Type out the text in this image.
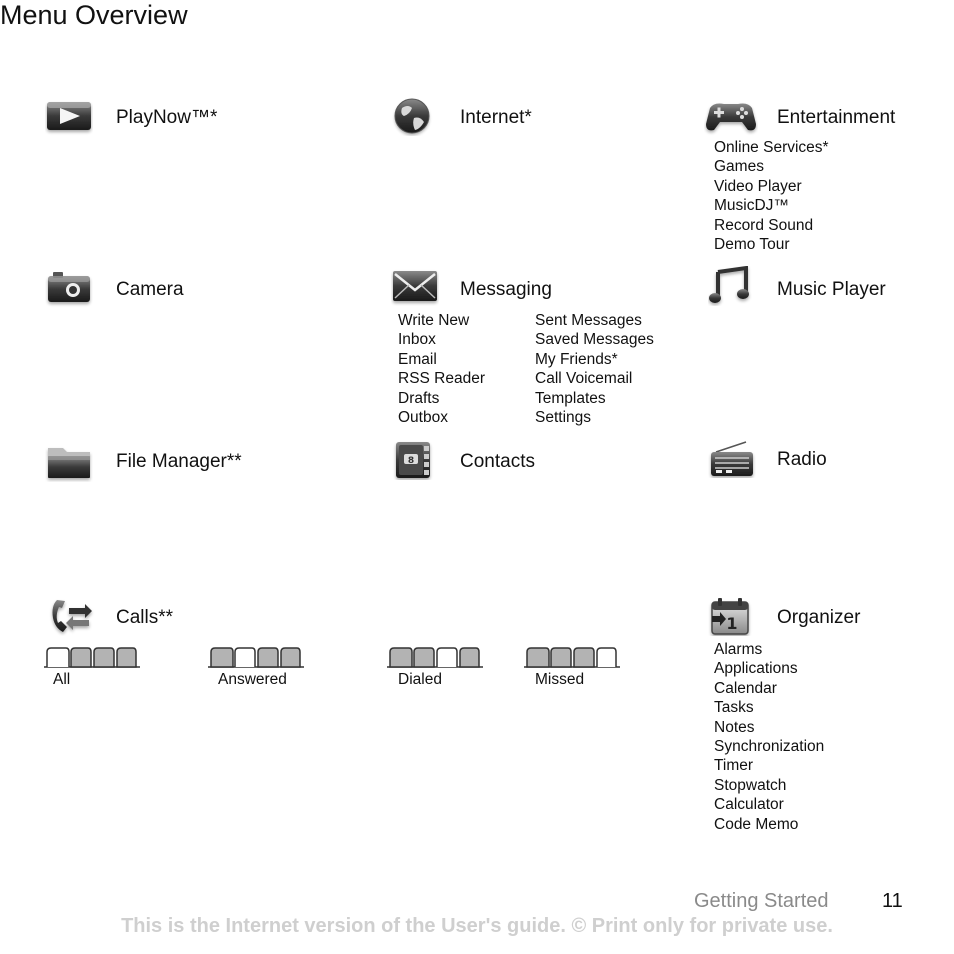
Menu Overview
PlayNow™*	Internet*	Entertainment
Online Services*
Games
Video Player
MusicDJ™
Record Sound
Demo Tour
Camera	Messaging
Write New
Inbox
Email
RSS Reader
Drafts
Outbox
Sent Messages
Saved Messages
My Friends*
Call Voicemail
Templates
Settings
Music Player
File Manager**	8 Contacts	Radio
Calls**
All	Answered	Dialed	Missed
1 Organizer
Alarms
Applications
Calendar
Tasks
Notes
Synchronization
Timer
Stopwatch
Calculator
Code Memo
Getting Started	11
This is the Internet version of the User's guide. © Print only for private use.
